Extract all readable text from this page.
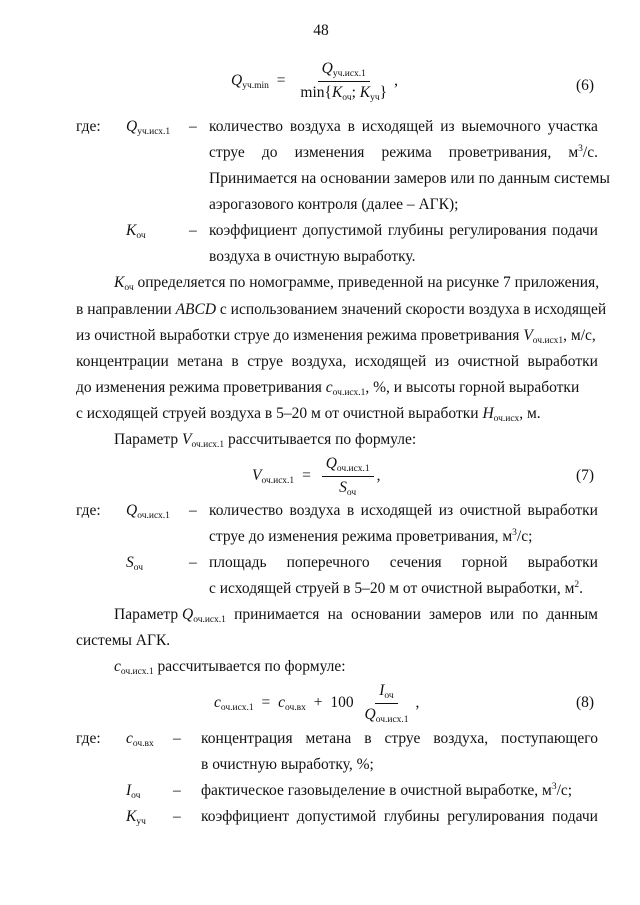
48
$Q_{уч.min} = \frac{Q_{уч.исх.1}}{\min\{K_{оч}; K_{уч}\}}$ ,	(6)
где: $Q_{уч.исх.1}$ – количество воздуха в исходящей из выемочного участка
струе до изменения режима проветривания, $м^3/с$.
Принимается на основании замеров или по данным системы
аэрогазового контроля (далее – АГК);
$K_{оч}$	– коэффициент допустимой глубины регулирования подачи
воздуха в очистную выработку.
$K_{оч}$ определяется по номограмме, приведенной на рисунке 7 приложения,
в направлении ABCD с использованием значений скорости воздуха в исходящей
из очистной выработки струе до изменения режима проветривания $V_{оч.исх1}$, м/с,
концентрации метана в струе воздуха, исходящей из очистной выработки
до изменения режима проветривания $c_{оч.исх.1}$, %, и высоты горной выработки
с исходящей струей воздуха в 5–20 м от очистной выработки $H_{оч.исх}$, м.
Параметр $V_{оч.исх.1}$ рассчитывается по формуле:
$V_{оч.исх.1} = \frac{Q_{оч.исх.1}}{S_{оч}}$ ,	(7)
где: $Q_{оч.исх.1}$ – количество воздуха в исходящей из очистной выработки
струе до изменения режима проветривания, $м^3/с$;
$S_{оч}$	– площадь поперечного сечения горной выработки
с исходящей струей в 5–20 м от очистной выработки, $м^2$.
Параметр $Q_{оч.исх.1}$ принимается на основании замеров или по данным
системы АГК.
$c_{оч.исх.1}$ рассчитывается по формуле:
$c_{оч.исх.1} = c_{оч.вх} + 100 \frac{I_{оч}}{Q_{оч.исх.1}}$ ,	(8)
где: $c_{оч.вх}$ – концентрация метана в струе воздуха, поступающего
в очистную выработку, %;
$I_{оч}$ – фактическое газовыделение в очистной выработке, $м^3/с$;
$K_{уч}$ – коэффициент допустимой глубины регулирования подачи
